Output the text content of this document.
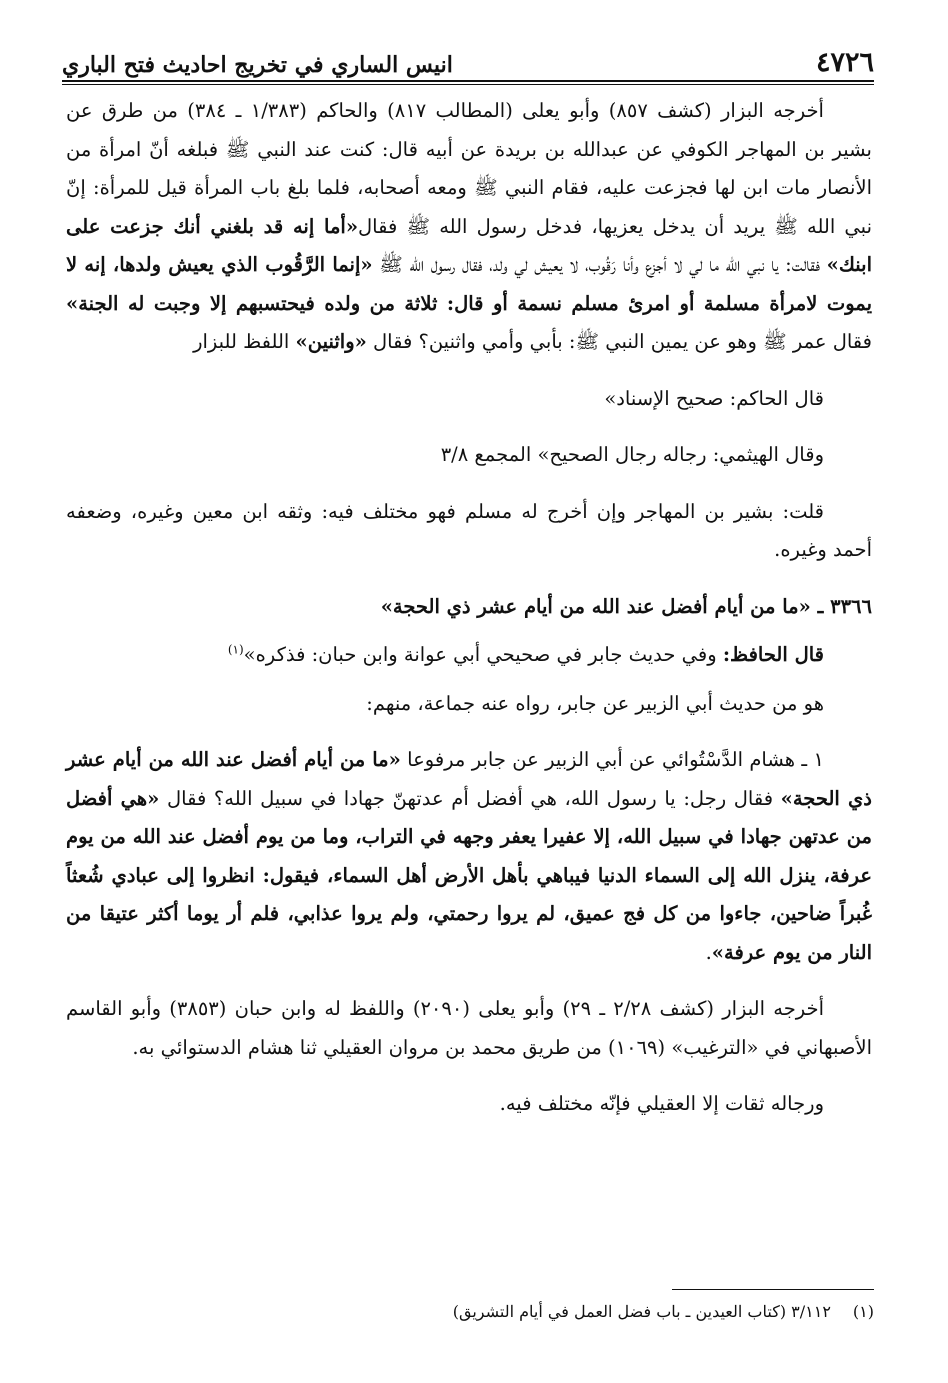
٤٧٢٦
انيس الساري في تخريج احاديث فتح الباري

أخرجه البزار (كشف ٨٥٧) وأبو يعلى (المطالب ٨١٧) والحاكم (١/٣٨٣ ـ ٣٨٤) من طرق عن بشير بن المهاجر الكوفي عن عبدالله بن بريدة عن أبيه قال: كنت عند النبي ﷺ فبلغه أنّ امرأة من الأنصار مات ابن لها فجزعت عليه، فقام النبي ﷺ ومعه أصحابه، فلما بلغ باب المرأة قيل للمرأة: إنّ نبي الله ﷺ يريد أن يدخل يعزيها، فدخل رسول الله ﷺ فقال«أما إنه قد بلغني أنك جزعت على ابنك» فقالت: يا نبي الله ما لي لا أجزع وأنا رَقُوب، لا يعيش لي ولد، فقال رسول الله ﷺ «إنما الرَّقُوب الذي يعيش ولدها، إنه لا يموت لامرأة مسلمة أو امرئ مسلم نسمة أو قال: ثلاثة من ولده فيحتسبهم إلا وجبت له الجنة» فقال عمر ﷺ وهو عن يمين النبي ﷺ: بأبي وأمي واثنين؟ فقال «واثنين» اللفظ للبزار

قال الحاكم: صحيح الإسناد»

وقال الهيثمي: رجاله رجال الصحيح» المجمع ٣/٨

قلت: بشير بن المهاجر وإن أخرج له مسلم فهو مختلف فيه: وثقه ابن معين وغيره، وضعفه أحمد وغيره.

٣٣٦٦ ـ «ما من أيام أفضل عند الله من أيام عشر ذي الحجة»

قال الحافظ: وفي حديث جابر في صحيحي أبي عوانة وابن حبان: فذكره»$^{(١)}$

هو من حديث أبي الزبير عن جابر، رواه عنه جماعة، منهم:

١ ـ هشام الدَّسْتُوائي عن أبي الزبير عن جابر مرفوعا «ما من أيام أفضل عند الله من أيام عشر ذي الحجة» فقال رجل: يا رسول الله، هي أفضل أم عدتهنّ جهادا في سبيل الله؟ فقال «هي أفضل من عدتهن جهادا في سبيل الله، إلا عفيرا يعفر وجهه في التراب، وما من يوم أفضل عند الله من يوم عرفة، ينزل الله إلى السماء الدنيا فيباهي بأهل الأرض أهل السماء، فيقول: انظروا إلى عبادي شُعثاً غُبراً ضاحين، جاءوا من كل فج عميق، لم يروا رحمتي، ولم يروا عذابي، فلم أر يوما أكثر عتيقا من النار من يوم عرفة».

أخرجه البزار (كشف ٢/٢٨ ـ ٢٩) وأبو يعلى (٢٠٩٠) واللفظ له وابن حبان (٣٨٥٣) وأبو القاسم الأصبهاني في «الترغيب» (١٠٦٩) من طريق محمد بن مروان العقيلي ثنا هشام الدستوائي به.

ورجاله ثقات إلا العقيلي فإنّه مختلف فيه.

(١)٣/١١٢ (كتاب العيدين ـ باب فضل العمل في أيام التشريق)
